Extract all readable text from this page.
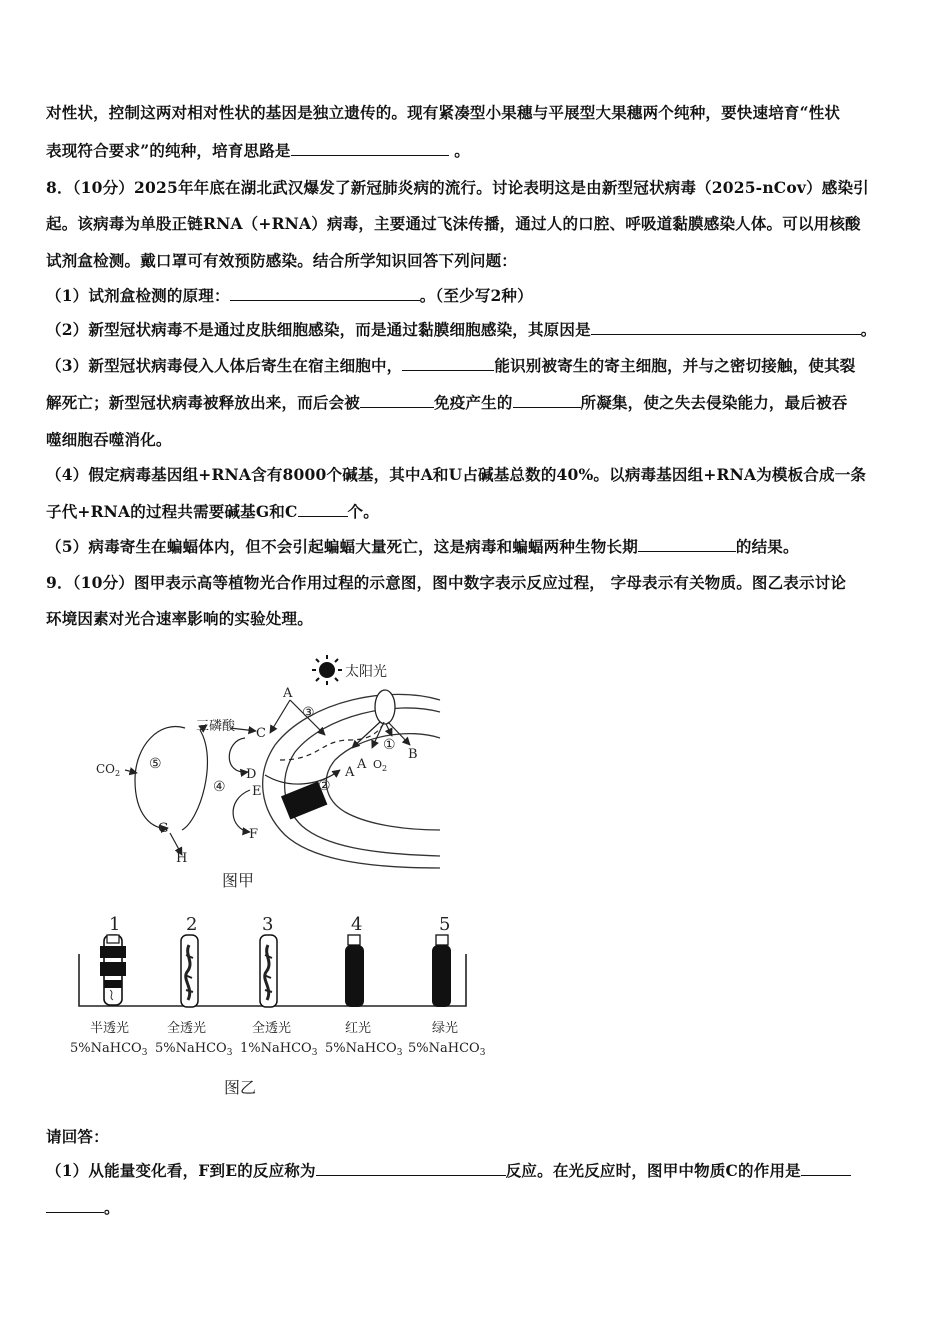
对性状，控制这两对相对性状的基因是独立遗传的。现有紧凑型小果穗与平展型大果穗两个纯种，要快速培育“性状
表现符合要求”的纯种，培育思路是	。
8．（10分）2025年年底在湖北武汉爆发了新冠肺炎病的流行。讨论表明这是由新型冠状病毒（2025-nCov）感染引
起。该病毒为单股正链RNA（+RNA）病毒，主要通过飞沫传播，通过人的口腔、呼吸道黏膜感染人体。可以用核酸
试剂盒检测。戴口罩可有效预防感染。结合所学知识回答下列问题：
（1）试剂盒检测的原理：	。（至少写2种）
（2）新型冠状病毒不是通过皮肤细胞感染，而是通过黏膜细胞感染，其原因是	。
（3）新型冠状病毒侵入人体后寄生在宿主细胞中，	能识别被寄生的寄主细胞，并与之密切接触，使其裂
解死亡；新型冠状病毒被释放出来，而后会被	免疫产生的	所凝集，使之失去侵染能力，最后被吞
噬细胞吞噬消化。
（4）假定病毒基因组+RNA含有8000个碱基，其中A和U占碱基总数的40%。以病毒基因组+RNA为模板合成一条
子代+RNA的过程共需要碱基G和C	个。
（5）病毒寄生在蝙蝠体内，但不会引起蝙蝠大量死亡，这是病毒和蝙蝠两种生物长期	的结果。
9．（10分）图甲表示高等植物光合作用过程的示意图，图中数字表示反应过程， 字母表示有关物质。图乙表示讨论
环境因素对光合速率影响的实验处理。
请回答：
（1）从能量变化看，F到E的反应称为	反应。在光反应时，图甲中物质C的作用是
。
太阳光
三磷酸
$CO_2$
⑤
④
③
②
①
A
C
D
E
F
G
H
A
A $O_2$
B
图甲
1	2	3	4	5
半透光	全透光	全透光	红光	绿光
5%NaHCO$_3$ 5%NaHCO$_3$ 1%NaHCO$_3$ 5%NaHCO$_3$ 5%NaHCO$_3$
图乙
